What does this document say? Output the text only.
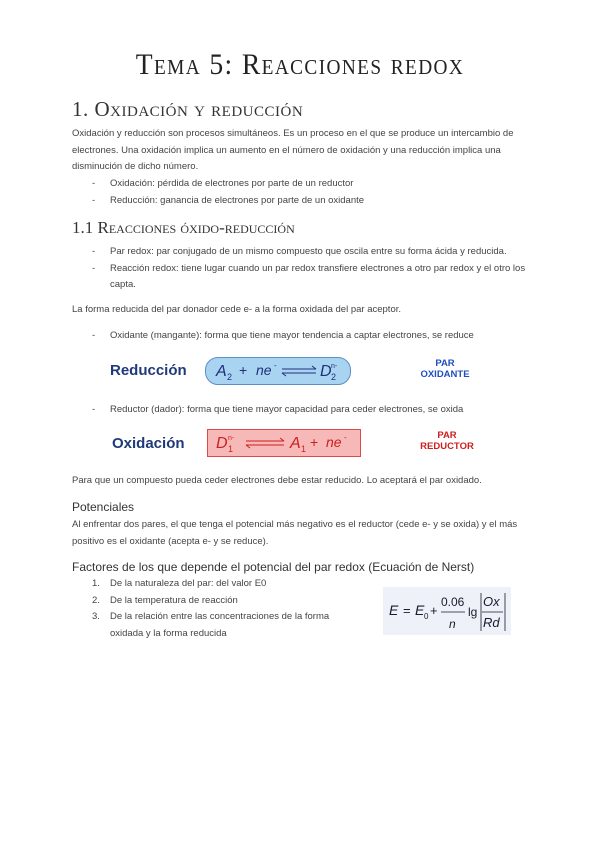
Tema 5: Reacciones redox
1. Oxidación y reducción
Oxidación y reducción son procesos simultáneos. Es un proceso en el que se produce un intercambio de electrones. Una oxidación implica un aumento en el número de oxidación y una reducción implica una disminución de dicho número.
- Oxidación: pérdida de electrones por parte de un reductor
- Reducción: ganancia de electrones por parte de un oxidante
1.1 Reacciones óxido-reducción
- Par redox: par conjugado de un mismo compuesto que oscila entre su forma ácida y reducida.
- Reacción redox: tiene lugar cuando un par redox transfiere electrones a otro par redox y el otro los capta.
La forma reducida del par donador cede e- a la forma oxidada del par aceptor.
- Oxidante (mangante): forma que tiene mayor tendencia a captar electrones, se reduce
Reducción A 2 + ne -	D 2
n-	PAR
OXIDANTE
- Reductor (dador): forma que tiene mayor capacidad para ceder electrones, se oxida
Oxidación D 1
n-	A 1 + ne -	PAR
REDUCTOR
Para que un compuesto pueda ceder electrones debe estar reducido. Lo aceptará el par oxidado.
Potenciales
Al enfrentar dos pares, el que tenga el potencial más negativo es el reductor (cede e- y se oxida) y el más positivo es el oxidante (acepta e- y se reduce).
Factores de los que depende el potencial del par redox (Ecuación de Nerst)
1. De la naturaleza del par: del valor E0
2. De la temperatura de reacción
3. De la relación entre las concentraciones de la forma oxidada y la forma reducida
E = E 0 +
0.06
n
lg
Ox
Rd
